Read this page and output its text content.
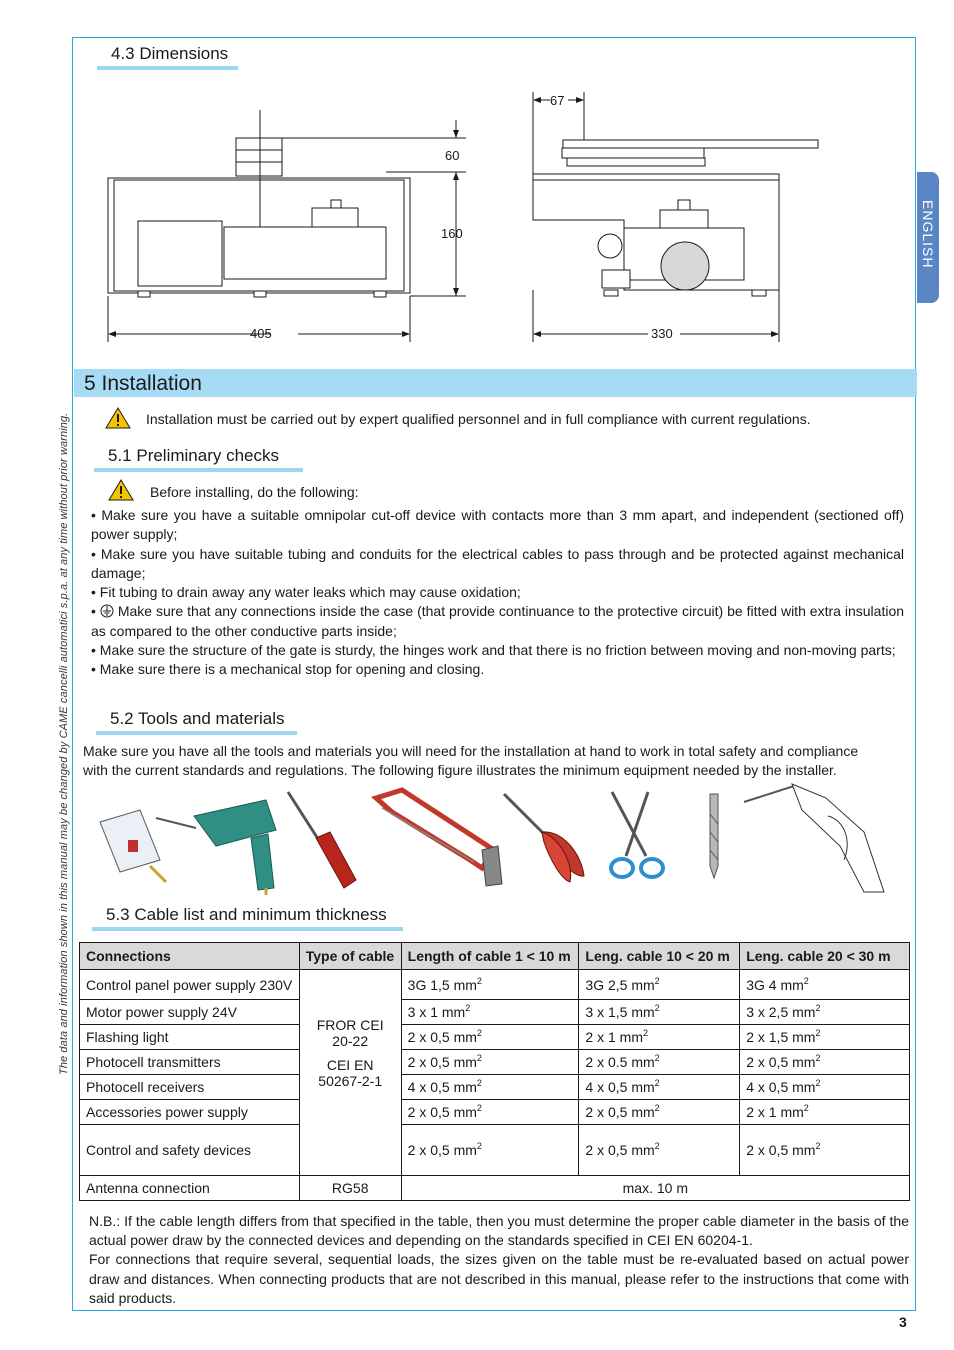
The data and information shown in this manual may be changed by CAME cancelli automatici s.p.a. at any time without prior warning.
ENGLISH
4.3 Dimensions
60
160
405
67
330
5 Installation
Installation must be carried out by expert qualified personnel and in full compliance with current regulations.
5.1 Preliminary checks
Before installing, do the following:

• Make sure you have a suitable omnipolar cut-off device with contacts more than 3 mm apart, and independent (sectioned off) power supply;

• Make sure you have suitable tubing and conduits for the electrical cables to pass through and be protected against mechanical damage;

• Fit tubing to drain away any water leaks which may cause oxidation;

• Make sure that any connections inside the case (that provide continuance to the protective circuit) be fitted with extra insulation as compared to the other conductive parts inside;

• Make sure the structure of the gate is sturdy, the hinges work and that there is no friction between moving and non-moving parts;

• Make sure there is a mechanical stop for opening and closing.

5.2 Tools and materials
Make sure you have all the tools and materials you will need for the installation at hand to work in total safety and compliance with the current standards and regulations. The following figure illustrates the minimum equipment needed by the installer.
5.3 Cable list and minimum thickness
Connections	Type of cable	Length of cable 1 < 10 m	Leng. cable 10 < 20 m	Leng. cable 20 < 30 m
Control panel power supply 230V	FROR CEI
20-22
CEI EN
50267-2-1	3G 1,5 $mm^2$	3G 2,5 $mm^2$	3G 4 $mm^2$
Motor power supply 24V		3 x 1 $mm^2$	3 x 1,5 $mm^2$	3 x 2,5 $mm^2$
Flashing light		2 x 0,5 $mm^2$	2 x 1 $mm^2$	2 x 1,5 $mm^2$
Photocell transmitters		2 x 0,5 $mm^2$	2 x 0.5 $mm^2$	2 x 0,5 $mm^2$
Photocell receivers		4 x 0,5 $mm^2$	4 x 0,5 $mm^2$	4 x 0,5 $mm^2$
Accessories power supply		2 x 0,5 $mm^2$	2 x 0,5 $mm^2$	2 x 1 $mm^2$
Control and safety devices		2 x 0,5 $mm^2$	2 x 0,5 $mm^2$	2 x 0,5 $mm^2$
Antenna connection	RG58	max. 10 m		

N.B.: If the cable length differs from that specified in the table, then you must determine the proper cable diameter in the basis of the actual power draw by the connected devices and depending on the standards specified in CEI EN 60204-1.

For connections that require several, sequential loads, the sizes given on the table must be re-evaluated based on actual power draw and distances. When connecting products that are not described in this manual, please refer to the instructions that come with said products.

3
